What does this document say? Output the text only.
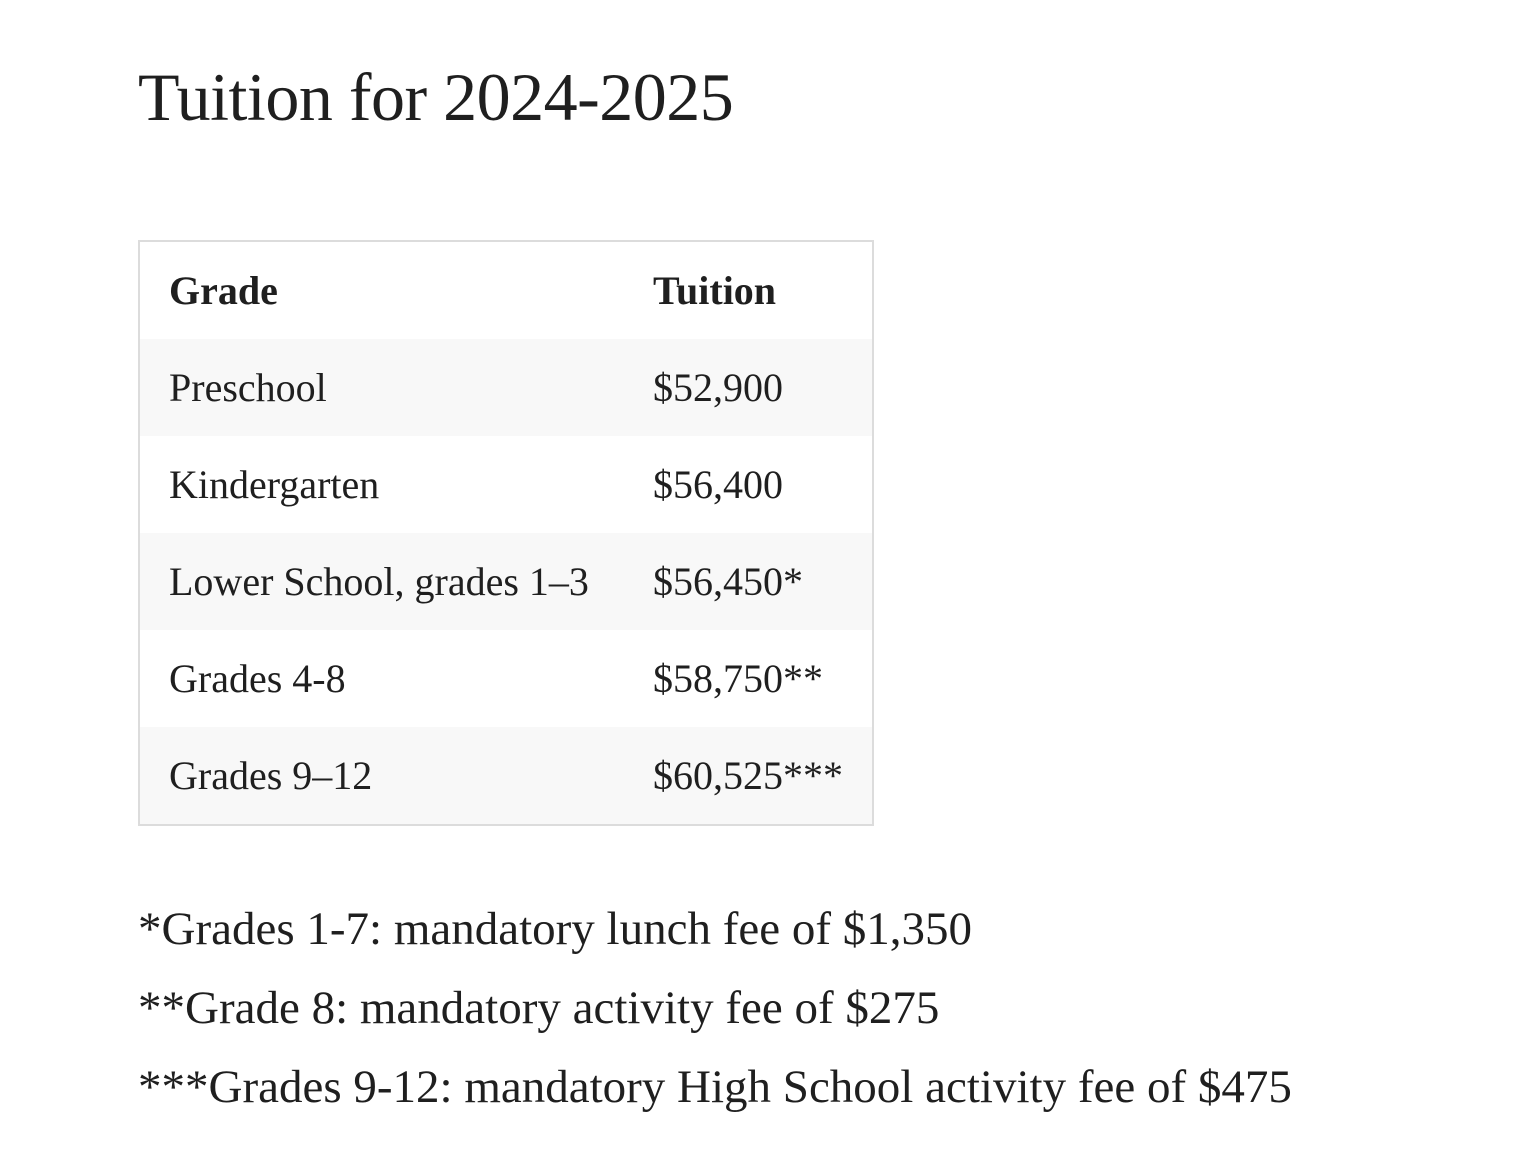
Tuition for 2024-2025
Grade	Tuition
Preschool	$52,900
Kindergarten	$56,400
Lower School, grades 1–3	$56,450*
Grades 4-8	$58,750**
Grades 9–12	$60,525***
*Grades 1-7: mandatory lunch fee of $1,350
**Grade 8: mandatory activity fee of $275
***Grades 9-12: mandatory High School activity fee of $475
